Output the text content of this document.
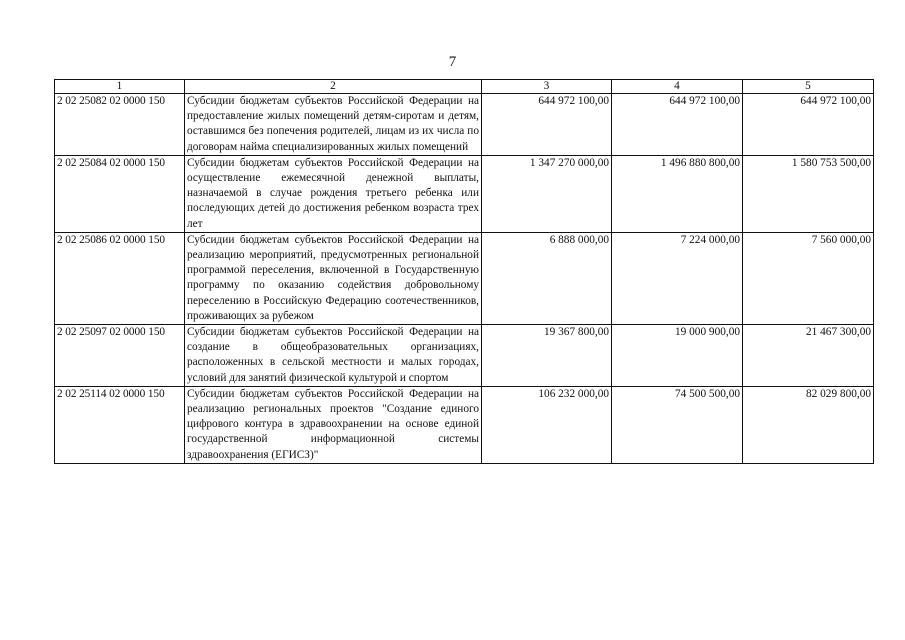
7
1	2	3	4	5
2 02 25082 02 0000 150	Субсидии бюджетам субъектов Российской Федерации на предоставление жилых помещений детям-сиротам и детям, оставшимся без попечения родителей, лицам из их числа по договорам найма специализированных жилых помещений	644 972 100,00	644 972 100,00	644 972 100,00
2 02 25084 02 0000 150	Субсидии бюджетам субъектов Российской Федерации на осуществление ежемесячной денежной выплаты, назначаемой в случае рождения третьего ребенка или последующих детей до достижения ребенком возраста трех лет	1 347 270 000,00	1 496 880 800,00	1 580 753 500,00
2 02 25086 02 0000 150	Субсидии бюджетам субъектов Российской Федерации на реализацию мероприятий, предусмотренных региональной программой переселения, включенной в Государственную программу по оказанию содействия добровольному переселению в Российскую Федерацию соотечественников, проживающих за рубежом	6 888 000,00	7 224 000,00	7 560 000,00
2 02 25097 02 0000 150	Субсидии бюджетам субъектов Российской Федерации на создание в общеобразовательных организациях, расположенных в сельской местности и малых городах, условий для занятий физической культурой и спортом	19 367 800,00	19 000 900,00	21 467 300,00
2 02 25114 02 0000 150	Субсидии бюджетам субъектов Российской Федерации на реализацию региональных проектов "Создание единого цифрового контура в здравоохранении на основе единой государственной информационной системы здравоохранения (ЕГИСЗ)"	106 232 000,00	74 500 500,00	82 029 800,00
